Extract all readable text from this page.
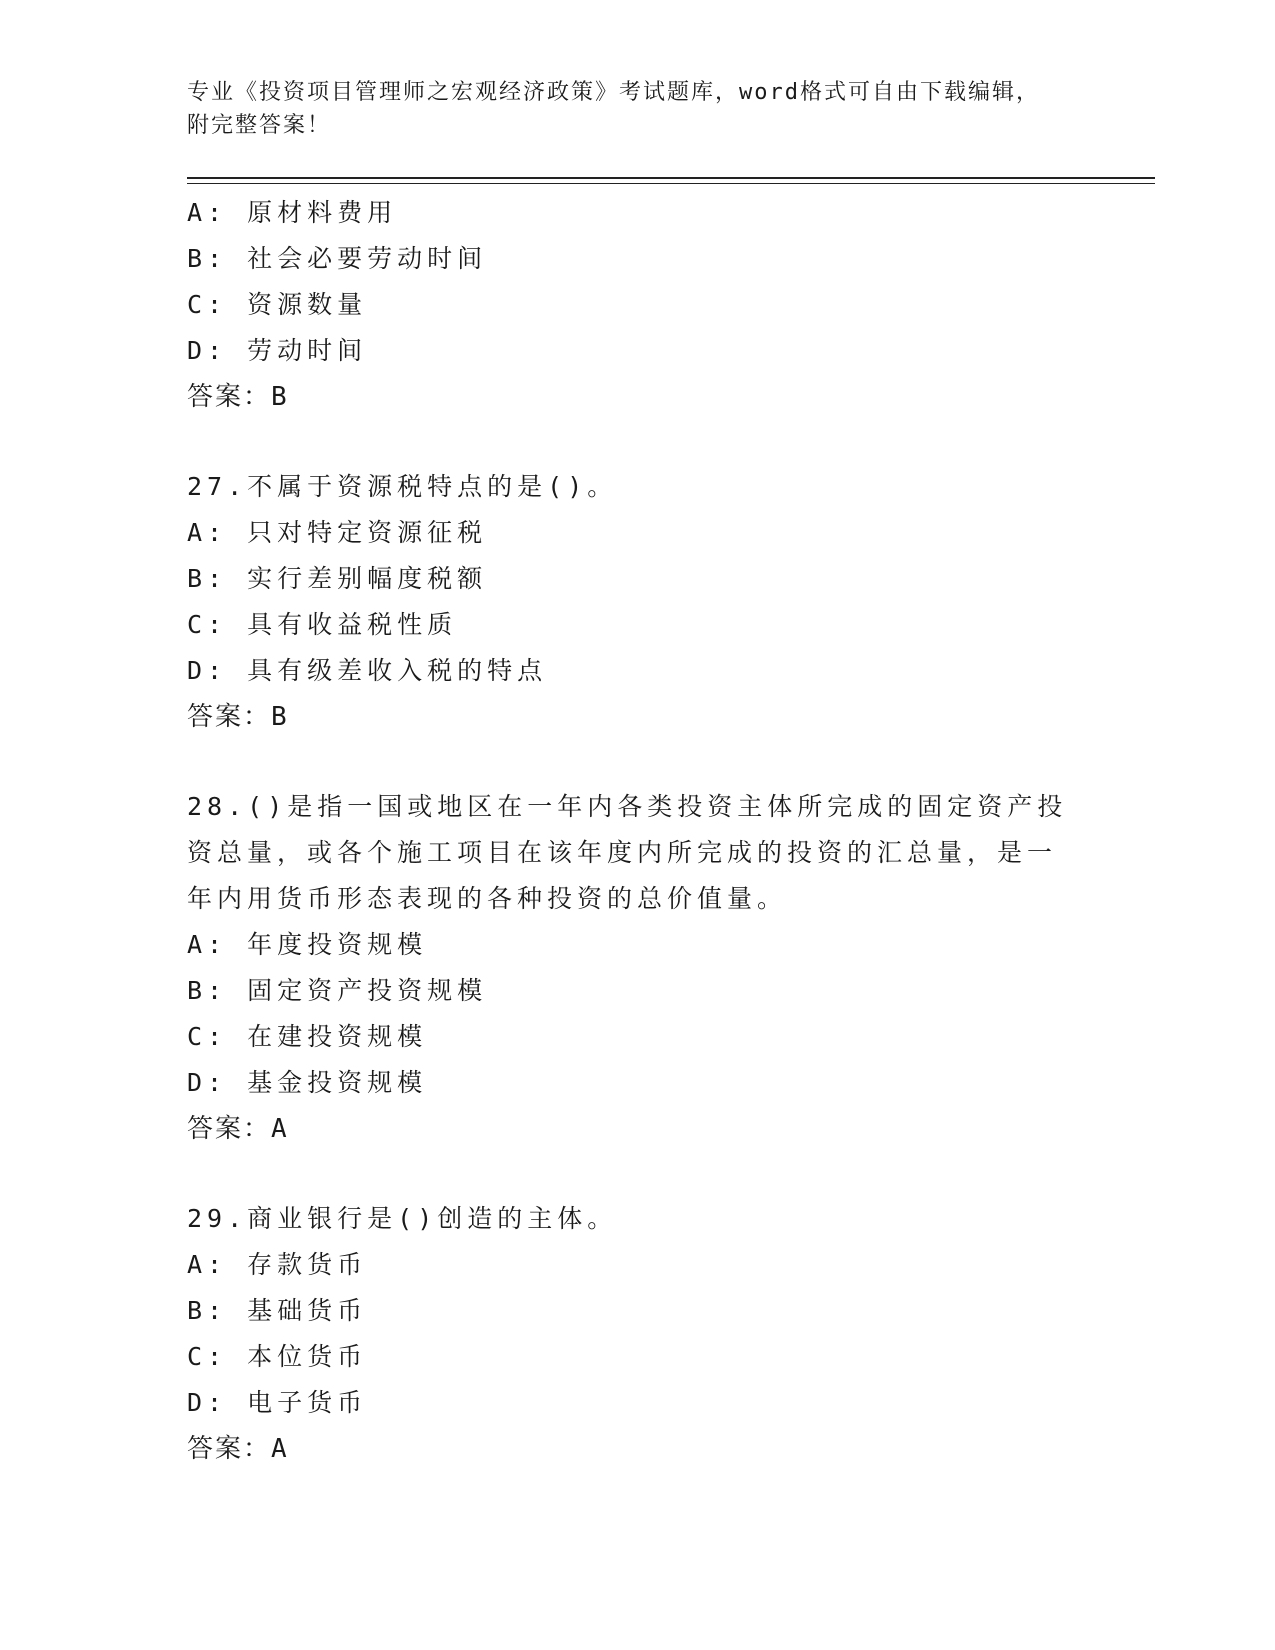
专业《投资项目管理师之宏观经济政策》考试题库，word格式可自由下载编辑，
附完整答案！
A: 原材料费用
B: 社会必要劳动时间
C: 资源数量
D: 劳动时间
答案：B
27.不属于资源税特点的是()。
A: 只对特定资源征税
B: 实行差别幅度税额
C: 具有收益税性质
D: 具有级差收入税的特点
答案：B
28.()是指一国或地区在一年内各类投资主体所完成的固定资产投资总量，或各个施工项目在该年度内所完成的投资的汇总量，是一年内用货币形态表现的各种投资的总价值量。
A: 年度投资规模
B: 固定资产投资规模
C: 在建投资规模
D: 基金投资规模
答案：A
29.商业银行是()创造的主体。
A: 存款货币
B: 基础货币
C: 本位货币
D: 电子货币
答案：A
